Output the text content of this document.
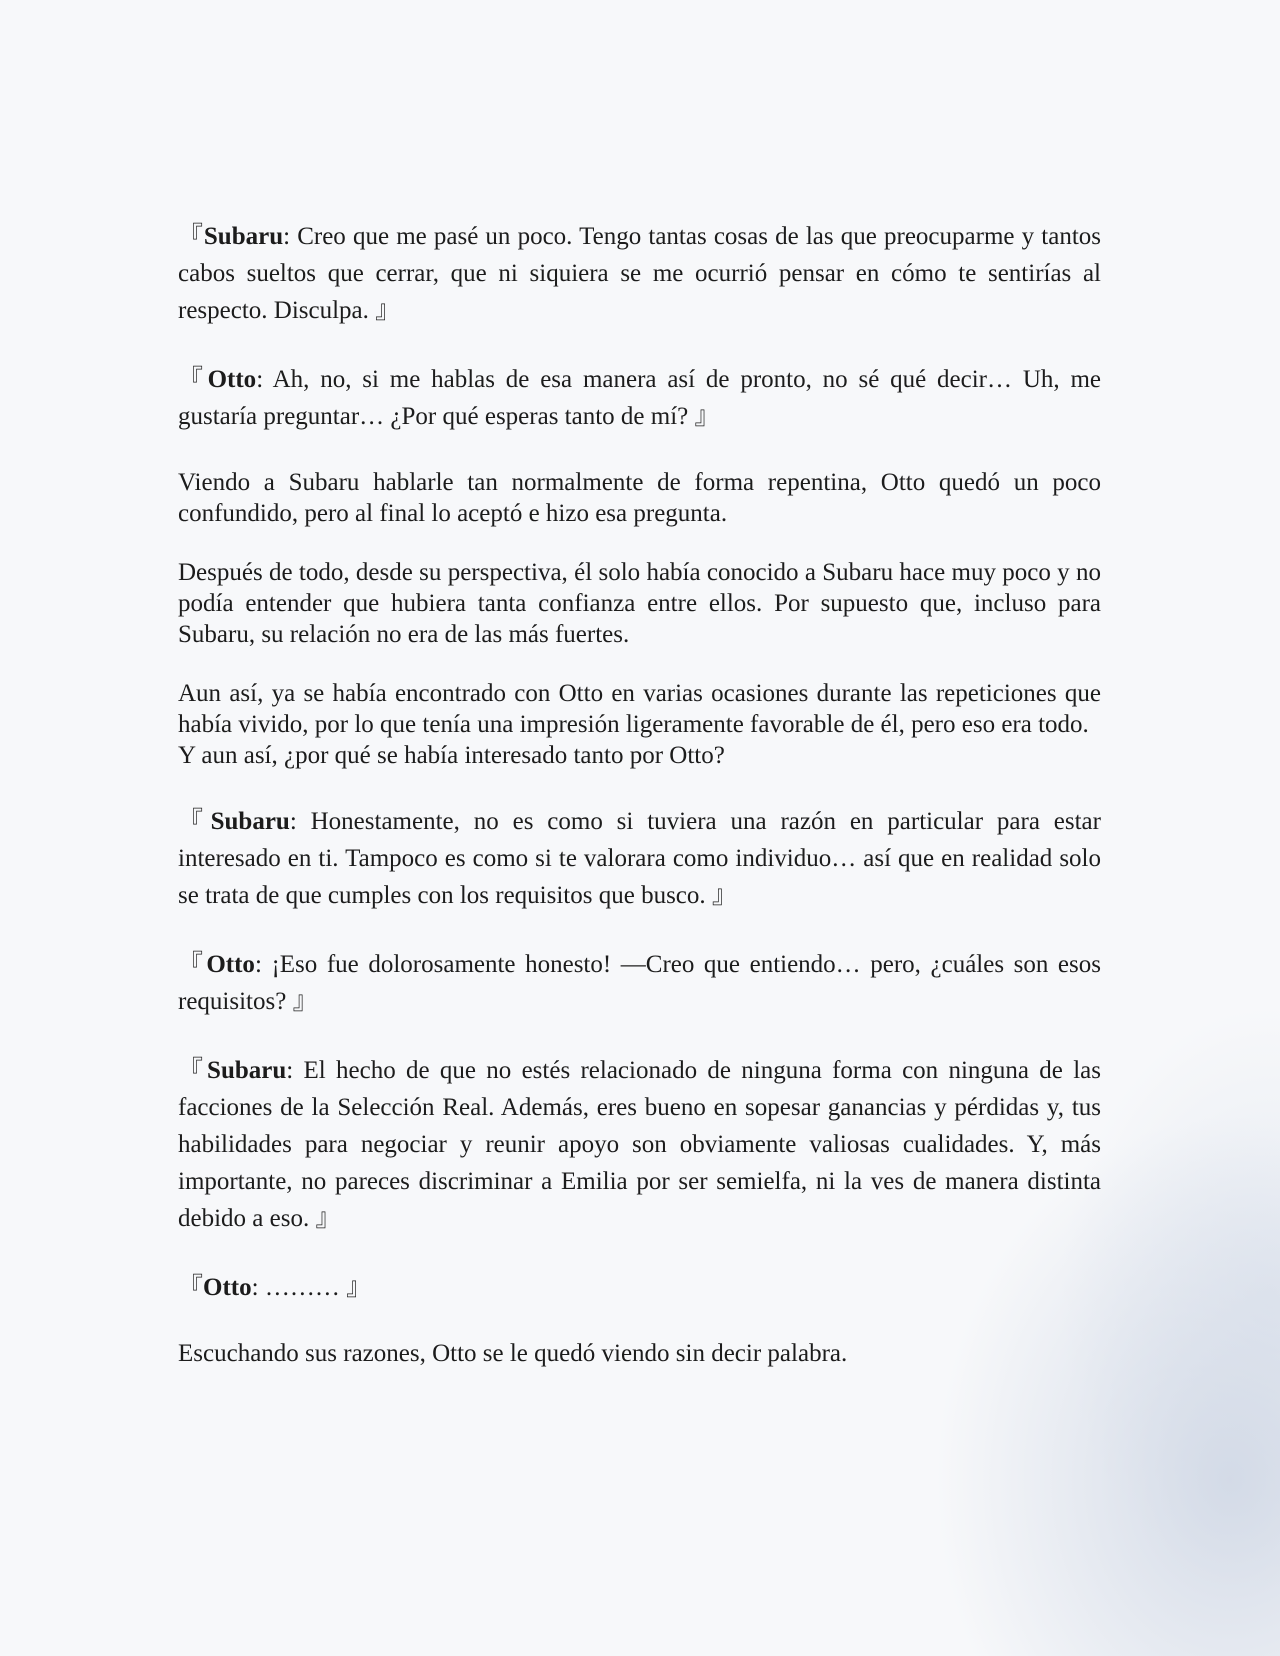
『Subaru: Creo que me pasé un poco. Tengo tantas cosas de las que preocuparme y tantos cabos sueltos que cerrar, que ni siquiera se me ocurrió pensar en cómo te sentirías al respecto. Disculpa. 』

『Otto: Ah, no, si me hablas de esa manera así de pronto, no sé qué decir… Uh, me gustaría preguntar… ¿Por qué esperas tanto de mí? 』

Viendo a Subaru hablarle tan normalmente de forma repentina, Otto quedó un poco confundido, pero al final lo aceptó e hizo esa pregunta.

Después de todo, desde su perspectiva, él solo había conocido a Subaru hace muy poco y no podía entender que hubiera tanta confianza entre ellos. Por supuesto que, incluso para Subaru, su relación no era de las más fuertes.

Aun así, ya se había encontrado con Otto en varias ocasiones durante las repeticiones que había vivido, por lo que tenía una impresión ligeramente favorable de él, pero eso era todo.

Y aun así, ¿por qué se había interesado tanto por Otto?

『Subaru: Honestamente, no es como si tuviera una razón en particular para estar interesado en ti. Tampoco es como si te valorara como individuo… así que en realidad solo se trata de que cumples con los requisitos que busco. 』

『Otto: ¡Eso fue dolorosamente honesto! —Creo que entiendo… pero, ¿cuáles son esos requisitos? 』

『Subaru: El hecho de que no estés relacionado de ninguna forma con ninguna de las facciones de la Selección Real. Además, eres bueno en sopesar ganancias y pérdidas y, tus habilidades para negociar y reunir apoyo son obviamente valiosas cualidades. Y, más importante, no pareces discriminar a Emilia por ser semielfa, ni la ves de manera distinta debido a eso. 』

『Otto: ……… 』

Escuchando sus razones, Otto se le quedó viendo sin decir palabra.
